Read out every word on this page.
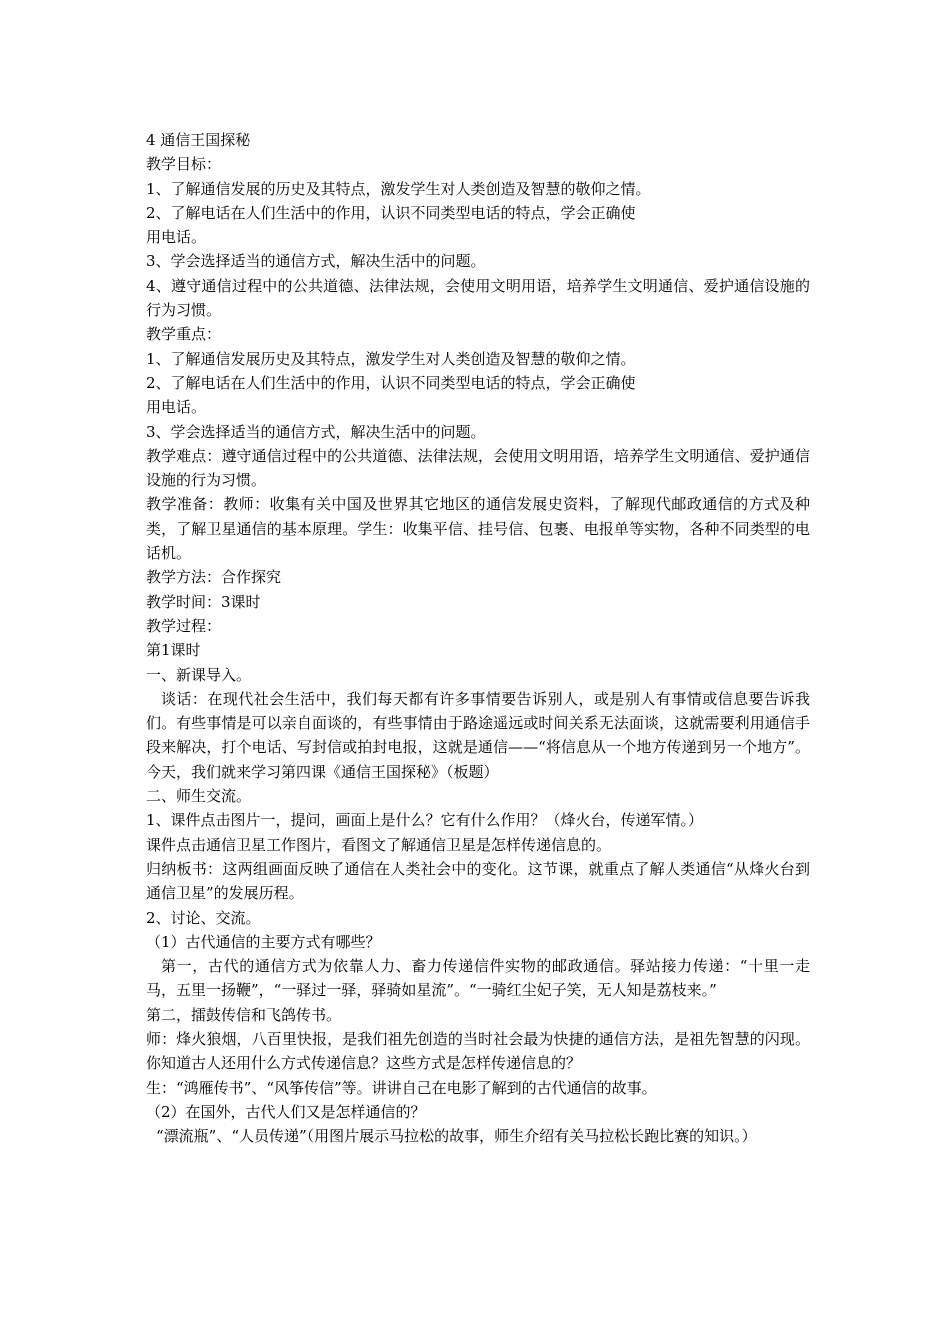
4 通信王国探秘

教学目标：

1、了解通信发展的历史及其特点，激发学生对人类创造及智慧的敬仰之情。

2、了解电话在人们生活中的作用，认识不同类型电话的特点，学会正确使

用电话。

3、学会选择适当的通信方式，解决生活中的问题。

4、遵守通信过程中的公共道德、法律法规，会使用文明用语，培养学生文明通信、爱护通信设施的行为习惯。

教学重点：

1、了解通信发展历史及其特点，激发学生对人类创造及智慧的敬仰之情。

2、了解电话在人们生活中的作用，认识不同类型电话的特点，学会正确使

用电话。

3、学会选择适当的通信方式，解决生活中的问题。

教学难点：遵守通信过程中的公共道德、法律法规，会使用文明用语，培养学生文明通信、爱护通信设施的行为习惯。

教学准备：教师：收集有关中国及世界其它地区的通信发展史资料，了解现代邮政通信的方式及种类，了解卫星通信的基本原理。学生：收集平信、挂号信、包裹、电报单等实物，各种不同类型的电话机。

教学方法：合作探究

教学时间：3课时

教学过程：

第1课时

一、新课导入。

谈话：在现代社会生活中，我们每天都有许多事情要告诉别人，或是别人有事情或信息要告诉我们。有些事情是可以亲自面谈的，有些事情由于路途遥远或时间关系无法面谈，这就需要利用通信手段来解决，打个电话、写封信或拍封电报，这就是通信——“将信息从一个地方传递到另一个地方”。今天，我们就来学习第四课《通信王国探秘》（板题）

二、师生交流。

1、课件点击图片一，提问，画面上是什么？它有什么作用？（烽火台，传递军情。）

课件点击通信卫星工作图片，看图文了解通信卫星是怎样传递信息的。

归纳板书：这两组画面反映了通信在人类社会中的变化。这节课，就重点了解人类通信“从烽火台到通信卫星”的发展历程。

2、讨论、交流。

（1）古代通信的主要方式有哪些？

第一，古代的通信方式为依靠人力、畜力传递信件实物的邮政通信。驿站接力传递：“十里一走马，五里一扬鞭”，“一驿过一驿，驿骑如星流”。“一骑红尘妃子笑，无人知是荔枝来。”

第二，擂鼓传信和飞鸽传书。

师：烽火狼烟，八百里快报，是我们祖先创造的当时社会最为快捷的通信方法，是祖先智慧的闪现。你知道古人还用什么方式传递信息？这些方式是怎样传递信息的？

生：“鸿雁传书”、“风筝传信”等。讲讲自己在电影了解到的古代通信的故事。

（2）在国外，古代人们又是怎样通信的？

“漂流瓶”、“人员传递”（用图片展示马拉松的故事，师生介绍有关马拉松长跑比赛的知识。）
